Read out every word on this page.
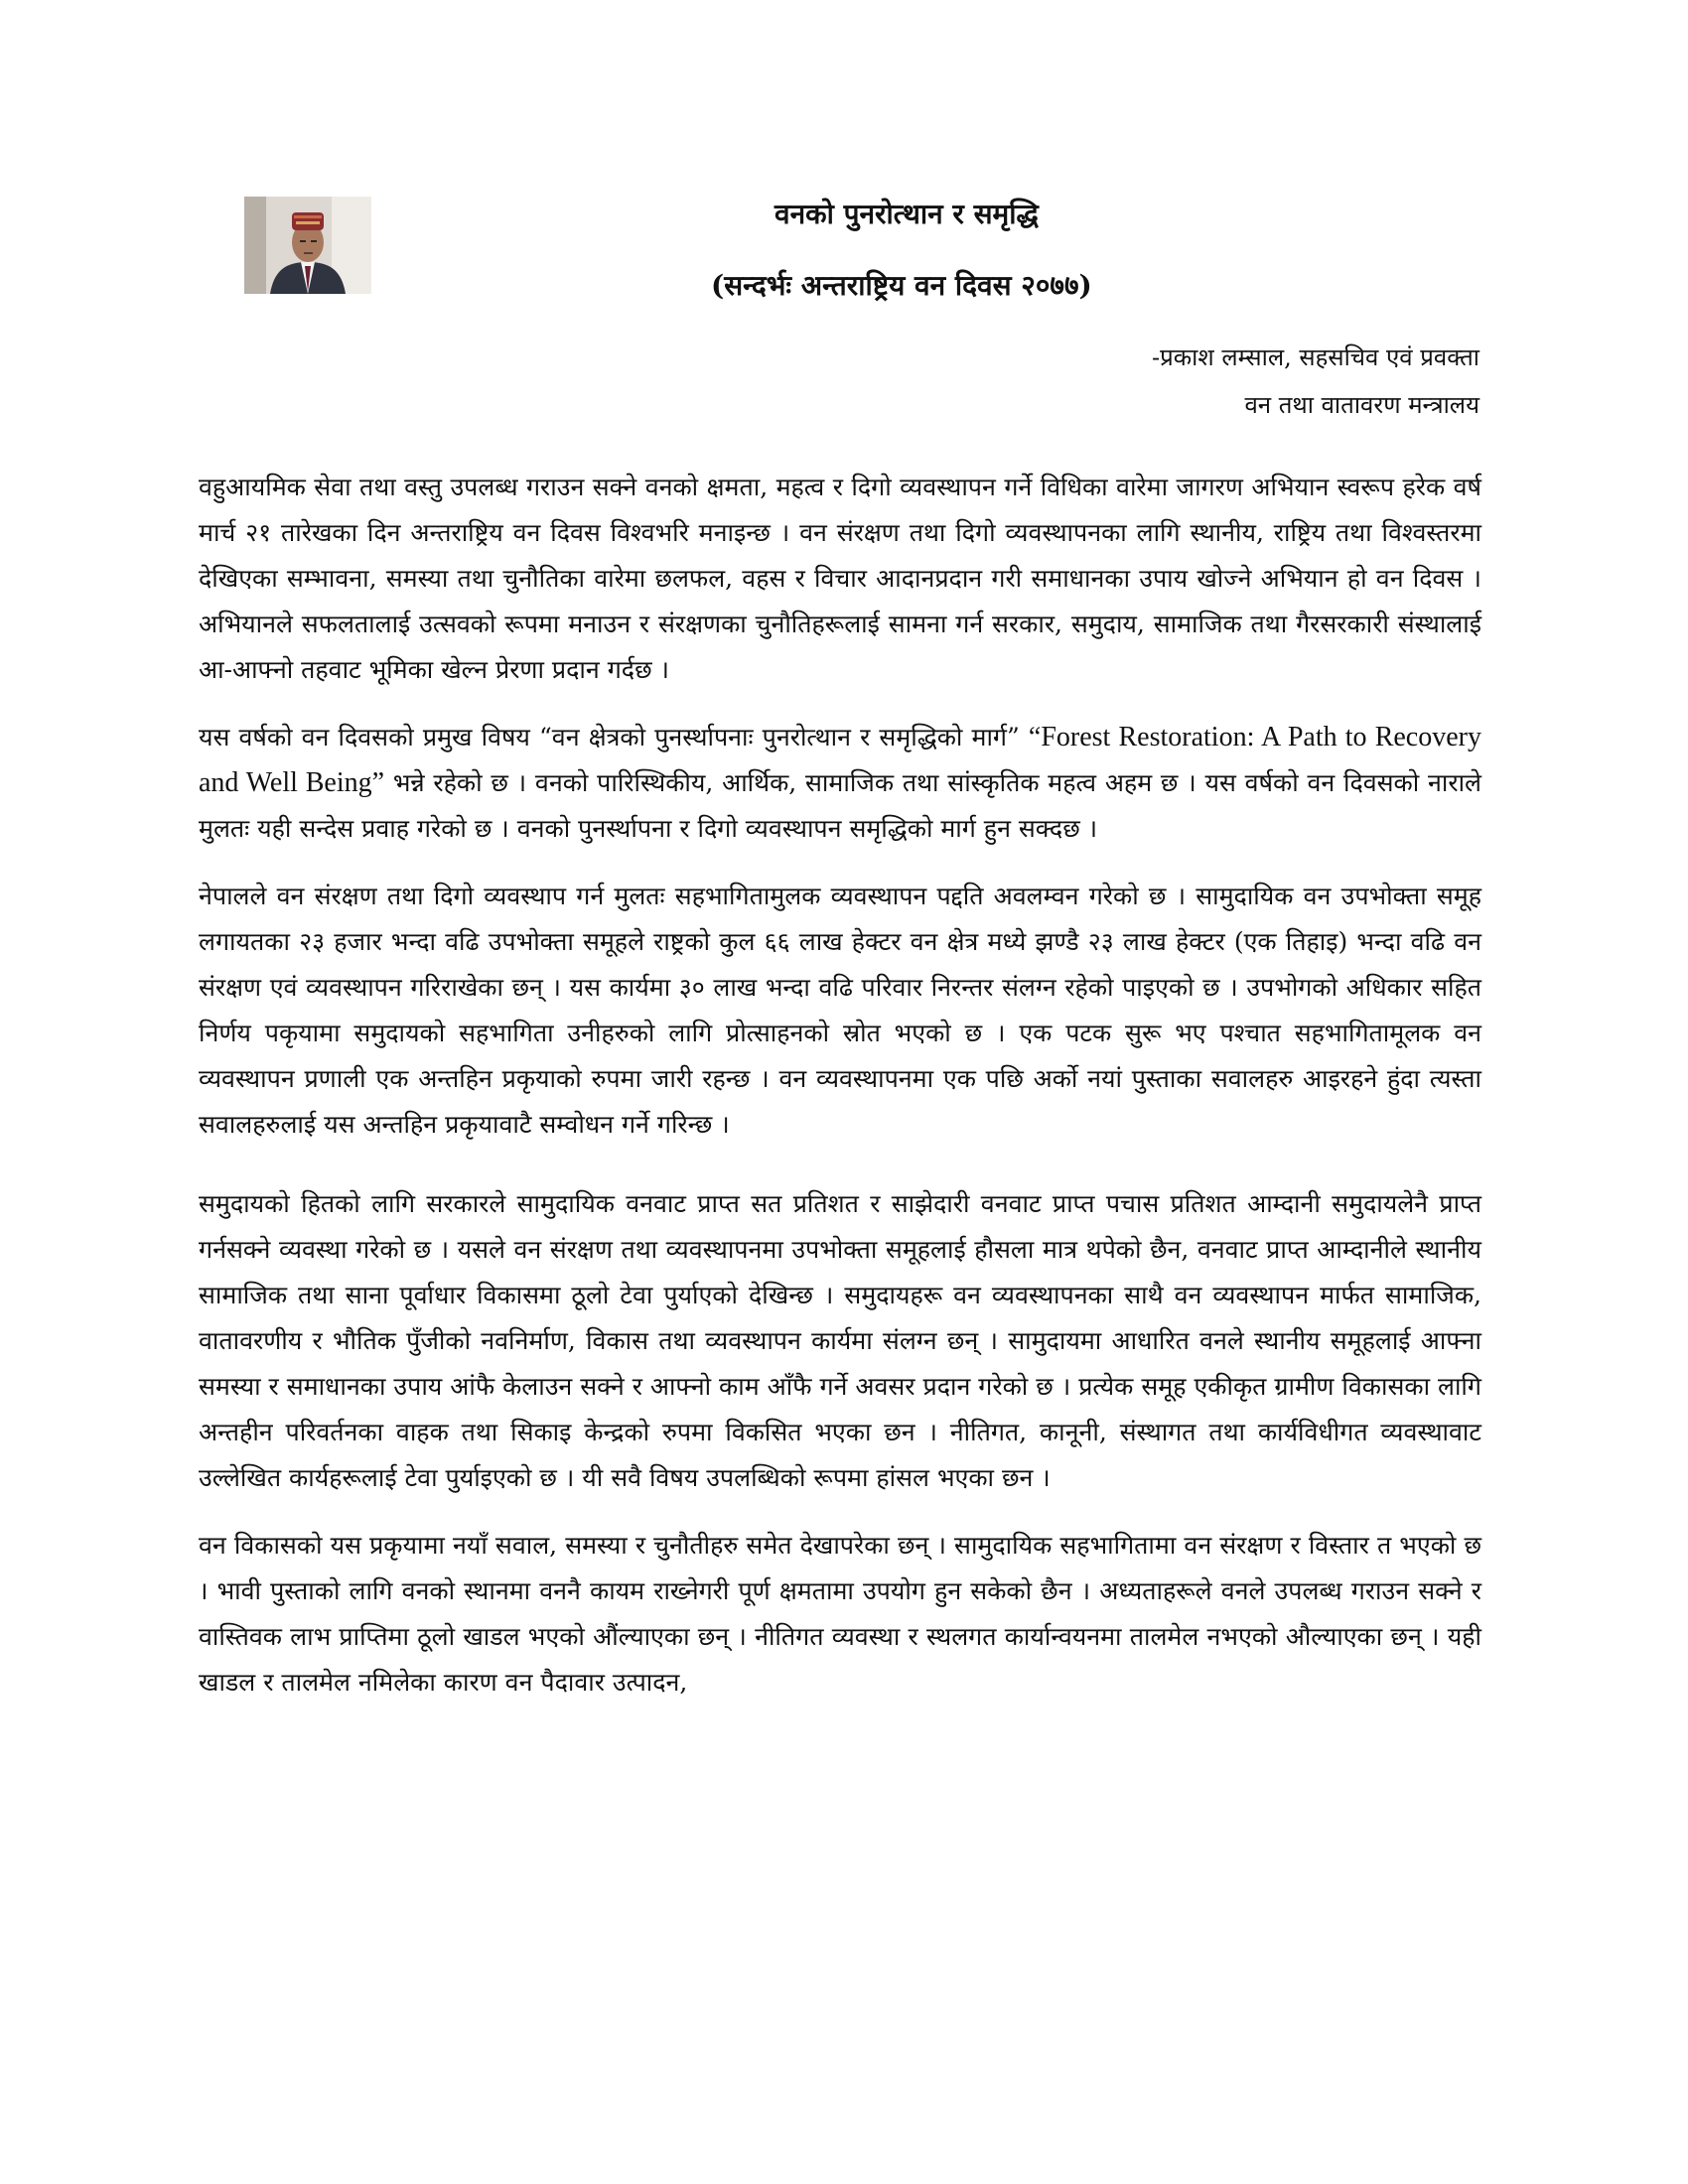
वनको पुनरोत्थान र समृद्धि
(सन्दर्भः अन्तराष्ट्रिय वन दिवस २०७७)
-प्रकाश लम्साल, सहसचिव एवं प्रवक्ता
वन तथा वातावरण मन्त्रालय

वहुआयमिक सेवा तथा वस्तु उपलब्ध गराउन सक्ने वनको क्षमता, महत्व र दिगो व्यवस्थापन गर्ने विधिका वारेमा जागरण अभियान स्वरूप हरेक वर्ष मार्च २१ तारेखका दिन अन्तराष्ट्रिय वन दिवस विश्वभरि मनाइन्छ । वन संरक्षण तथा दिगो व्यवस्थापनका लागि स्थानीय, राष्ट्रिय तथा विश्वस्तरमा देखिएका सम्भावना, समस्या तथा चुनौतिका वारेमा छलफल, वहस र विचार आदानप्रदान गरी समाधानका उपाय खोज्ने अभियान हो वन दिवस । अभियानले सफलतालाई उत्सवको रूपमा मनाउन र संरक्षणका चुनौतिहरूलाई सामना गर्न सरकार, समुदाय, सामाजिक तथा गैरसरकारी संस्थालाई आ-आफ्नो तहवाट भूमिका खेल्न प्रेरणा प्रदान गर्दछ ।

यस वर्षको वन दिवसको प्रमुख विषय “वन क्षेत्रको पुनर्स्थापनाः पुनरोत्थान र समृद्धिको मार्ग” “Forest Restoration: A Path to Recovery and Well Being” भन्ने रहेको छ । वनको पारिस्थिकीय, आर्थिक, सामाजिक तथा सांस्कृतिक महत्व अहम छ । यस वर्षको वन दिवसको नाराले मुलतः यही सन्देस प्रवाह गरेको छ । वनको पुनर्स्थापना र दिगो व्यवस्थापन समृद्धिको मार्ग हुन सक्दछ ।

नेपालले वन संरक्षण तथा दिगो व्यवस्थाप गर्न मुलतः सहभागितामुलक व्यवस्थापन पद्दति अवलम्वन गरेको छ । सामुदायिक वन उपभोक्ता समूह लगायतका २३ हजार भन्दा वढि उपभोक्ता समूहले राष्ट्रको कुल ६६ लाख हेक्टर वन क्षेत्र मध्ये झण्डै २३ लाख हेक्टर (एक तिहाइ) भन्दा वढि वन संरक्षण एवं व्यवस्थापन गरिराखेका छन् । यस कार्यमा ३० लाख भन्दा वढि परिवार निरन्तर संलग्न रहेको पाइएको छ । उपभोगको अधिकार सहित निर्णय पकृयामा समुदायको सहभागिता उनीहरुको लागि प्रोत्साहनको स्रोत भएको छ । एक पटक सुरू भए पश्चात सहभागितामूलक वन व्यवस्थापन प्रणाली एक अन्तहिन प्रकृयाको रुपमा जारी रहन्छ । वन व्यवस्थापनमा एक पछि अर्को नयां पुस्ताका सवालहरु आइरहने हुंदा त्यस्ता सवालहरुलाई यस अन्तहिन प्रकृयावाटै सम्वोधन गर्ने गरिन्छ ।

समुदायको हितको लागि सरकारले सामुदायिक वनवाट प्राप्त सत प्रतिशत र साझेदारी वनवाट प्राप्त पचास प्रतिशत आम्दानी समुदायलेनै प्राप्त गर्नसक्ने व्यवस्था गरेको छ । यसले वन संरक्षण तथा व्यवस्थापनमा उपभोक्ता समूहलाई हौसला मात्र थपेको छैन, वनवाट प्राप्त आम्दानीले स्थानीय सामाजिक तथा साना पूर्वाधार विकासमा ठूलो टेवा पुर्याएको देखिन्छ । समुदायहरू वन व्यवस्थापनका साथै वन व्यवस्थापन मार्फत सामाजिक, वातावरणीय र भौतिक पुँजीको नवनिर्माण, विकास तथा व्यवस्थापन कार्यमा संलग्न छन् । सामुदायमा आधारित वनले स्थानीय समूहलाई आफ्ना समस्या र समाधानका उपाय आंफै केलाउन सक्ने र आफ्नो काम आँफै गर्ने अवसर प्रदान गरेको छ । प्रत्येक समूह एकीकृत ग्रामीण विकासका लागि अन्तहीन परिवर्तनका वाहक तथा सिकाइ केन्द्रको रुपमा विकसित भएका छन । नीतिगत, कानूनी, संस्थागत तथा कार्यविधीगत व्यवस्थावाट उल्लेखित कार्यहरूलाई टेवा पुर्याइएको छ । यी सवै विषय उपलब्धिको रूपमा हांसल भएका छन ।

वन विकासको यस प्रकृयामा नयाँ सवाल, समस्या र चुनौतीहरु समेत देखापरेका छन् । सामुदायिक सहभागितामा वन संरक्षण र विस्तार त भएको छ । भावी पुस्ताको लागि वनको स्थानमा वननै कायम राख्नेगरी पूर्ण क्षमतामा उपयोग हुन सकेको छैन । अध्यताहरूले वनले उपलब्ध गराउन सक्ने र वास्तिवक लाभ प्राप्तिमा ठूलो खाडल भएको औंल्याएका छन् । नीतिगत व्यवस्था र स्थलगत कार्यान्वयनमा तालमेल नभएको औल्याएका छन् । यही खाडल र तालमेल नमिलेका कारण वन पैदावार उत्पादन,
